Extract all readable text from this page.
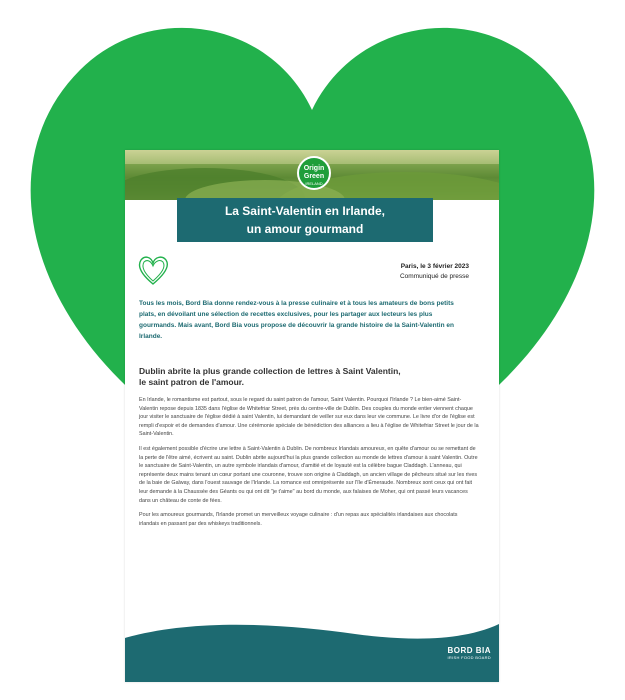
Origin
Green
IRELAND
La Saint-Valentin en Irlande,
un amour gourmand
Paris, le 3 février 2023
Communiqué de presse
Tous les mois, Bord Bia donne rendez-vous à la presse culinaire et à tous les amateurs de bons petits plats, en dévoilant une sélection de recettes exclusives, pour les partager aux lecteurs les plus gourmands. Mais avant, Bord Bia vous propose de découvrir la grande histoire de la Saint-Valentin en Irlande.
Dublin abrite la plus grande collection de lettres à Saint Valentin,
le saint patron de l'amour.

En Irlande, le romantisme est partout, sous le regard du saint patron de l'amour, Saint Valentin. Pourquoi l'Irlande ? Le bien-aimé Saint-Valentin repose depuis 1835 dans l'église de Whitefriar Street, près du centre-ville de Dublin. Des couples du monde entier viennent chaque jour visiter le sanctuaire de l'église dédié à saint Valentin, lui demandant de veiller sur eux dans leur vie commune. Le livre d'or de l'église est rempli d'espoir et de demandes d'amour. Une cérémonie spéciale de bénédiction des alliances a lieu à l'église de Whitefriar Street le jour de la Saint-Valentin.

Il est également possible d'écrire une lettre à Saint-Valentin à Dublin. De nombreux Irlandais amoureux, en quête d'amour ou se remettant de la perte de l'être aimé, écrivent au saint. Dublin abrite aujourd'hui la plus grande collection au monde de lettres d'amour à saint Valentin. Outre le sanctuaire de Saint-Valentin, un autre symbole irlandais d'amour, d'amitié et de loyauté est la célèbre bague Claddagh. L'anneau, qui représente deux mains tenant un cœur portant une couronne, trouve son origine à Claddagh, un ancien village de pêcheurs situé sur les rives de la baie de Galway, dans l'ouest sauvage de l'Irlande. La romance est omniprésente sur l'île d'Émeraude. Nombreux sont ceux qui ont fait leur demande à la Chaussée des Géants ou qui ont dit "je t'aime" au bord du monde, aux falaises de Moher, qui ont passé leurs vacances dans un château de conte de fées.

Pour les amoureux gourmands, l'Irlande promet un merveilleux voyage culinaire : d'un repas aux spécialités irlandaises aux chocolats irlandais en passant par des whiskeys traditionnels.

BORD BIA
IRISH FOOD BOARD
